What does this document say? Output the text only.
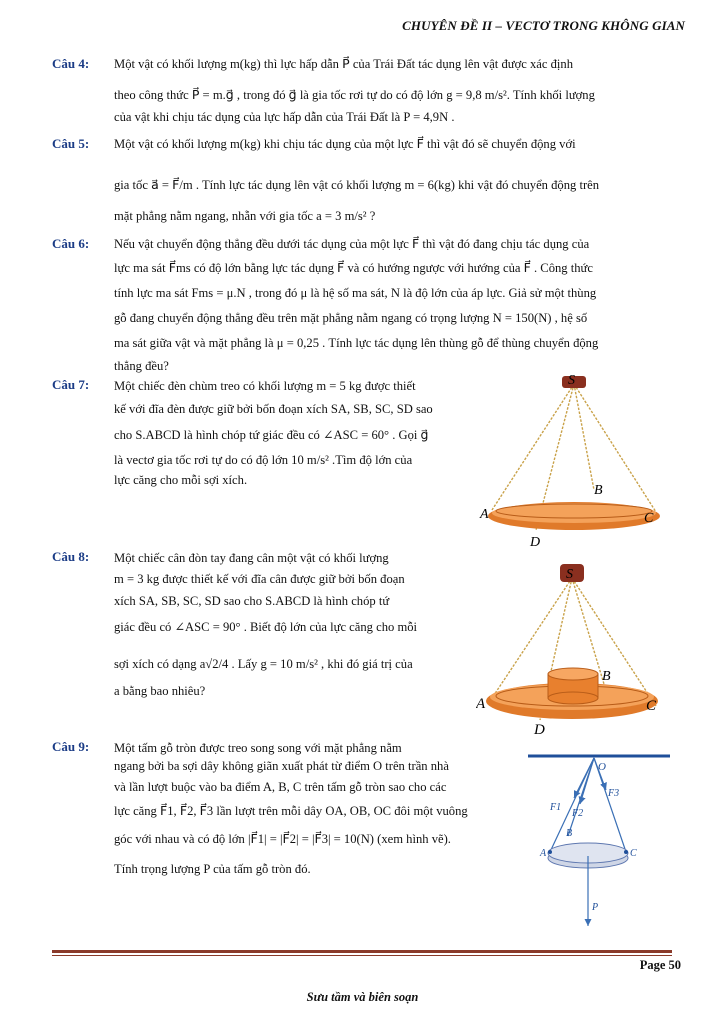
CHUYÊN ĐỀ II – VECTƠ TRONG KHÔNG GIAN
Câu 4: Một vật có khối lượng m(kg) thì lực hấp dẫn P⃗ của Trái Đất tác dụng lên vật được xác định
theo công thức P⃗ = m.g⃗ , trong đó g⃗ là gia tốc rơi tự do có độ lớn g = 9,8 m/s². Tính khối lượng
của vật khi chịu tác dụng của lực hấp dẫn của Trái Đất là P = 4,9N .
Câu 5: Một vật có khối lượng m(kg) khi chịu tác dụng của một lực F⃗ thì vật đó sẽ chuyển động với
gia tốc a⃗ = F⃗/m . Tính lực tác dụng lên vật có khối lượng m = 6(kg) khi vật đó chuyển động trên
mặt phẳng nằm ngang, nhẵn với gia tốc a = 3 m/s² ?
Câu 6: Nếu vật chuyển động thẳng đều dưới tác dụng của một lực F⃗ thì vật đó đang chịu tác dụng của
lực ma sát F⃗ms có độ lớn bằng lực tác dụng F⃗ và có hướng ngược với hướng của F⃗ . Công thức
tính lực ma sát Fms = μ.N , trong đó μ là hệ số ma sát, N là độ lớn của áp lực. Giả sử một thùng
gỗ đang chuyển động thẳng đều trên mặt phẳng nằm ngang có trọng lượng N = 150(N) , hệ số
ma sát giữa vật và mặt phẳng là μ = 0,25 . Tính lực tác dụng lên thùng gỗ để thùng chuyển động
thẳng đều?
Câu 7: Một chiếc đèn chùm treo có khối lượng m = 5 kg được thiết
kế với đĩa đèn được giữ bởi bốn đoạn xích SA, SB, SC, SD sao
cho S.ABCD là hình chóp tứ giác đều có ∠ASC = 60° . Gọi g⃗
là vectơ gia tốc rơi tự do có độ lớn 10 m/s² .Tìm độ lớn của
lực căng cho mỗi sợi xích.
S
A
B
C
D
Câu 8: Một chiếc cân đòn tay đang cân một vật có khối lượng
m = 3 kg được thiết kế với đĩa cân được giữ bởi bốn đoạn
xích SA, SB, SC, SD sao cho S.ABCD là hình chóp tứ
giác đều có ∠ASC = 90° . Biết độ lớn của lực căng cho mỗi
sợi xích có dạng a√2/4 . Lấy g = 10 m/s² , khi đó giá trị của
a bằng bao nhiêu?
S
A
B
C
D
Câu 9: Một tấm gỗ tròn được treo song song với mặt phẳng nằm
ngang bởi ba sợi dây không giãn xuất phát từ điểm O trên trần nhà
và lần lượt buộc vào ba điểm A, B, C trên tấm gỗ tròn sao cho các
lực căng F⃗1, F⃗2, F⃗3 lần lượt trên mỗi dây OA, OB, OC đôi một vuông
góc với nhau và có độ lớn |F⃗1| = |F⃗2| = |F⃗3| = 10(N) (xem hình vẽ).
Tính trọng lượng P của tấm gỗ tròn đó.
O
F1
F2
F3
B
A	C
P
Page 50
Sưu tầm và biên soạn
